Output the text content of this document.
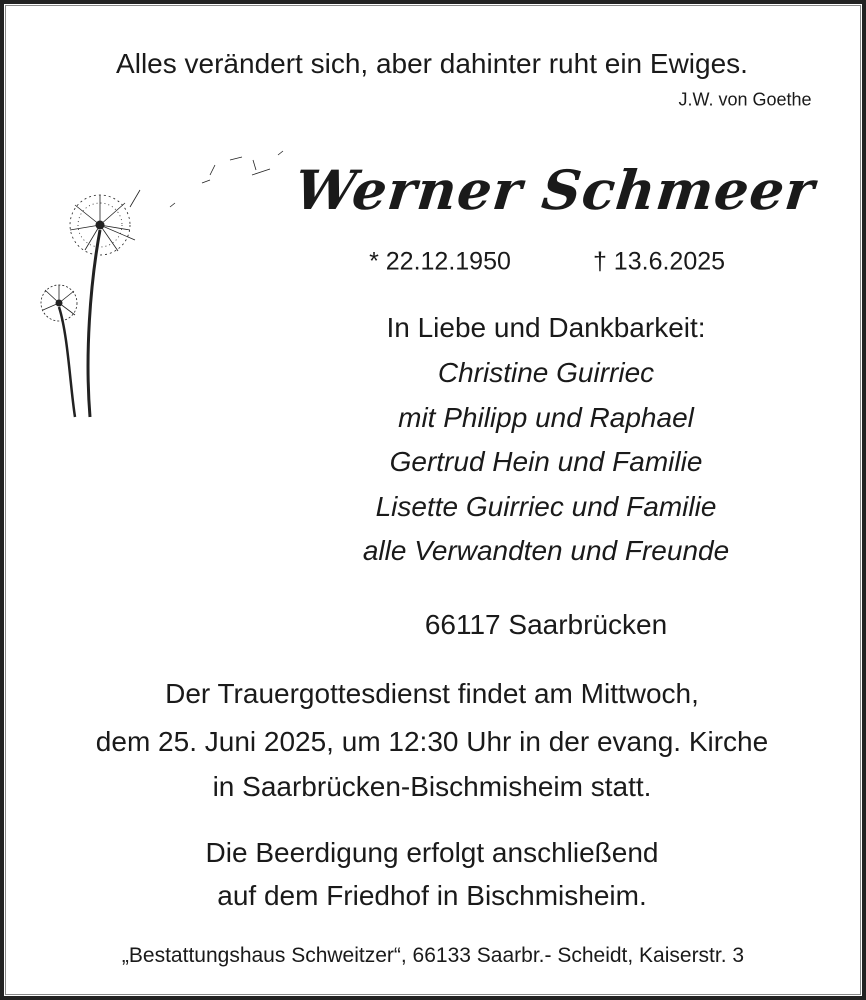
Alles verändert sich, aber dahinter ruht ein Ewiges.
J.W. von Goethe
Werner Schmeer
* 22.12.1950	† 13.6.2025
In Liebe und Dankbarkeit:
Christine Guirriec
mit Philipp und Raphael
Gertrud Hein und Familie
Lisette Guirriec und Familie
alle Verwandten und Freunde
66117 Saarbrücken
Der Trauergottesdienst findet am Mittwoch,
dem 25. Juni 2025, um 12:30 Uhr in der evang. Kirche
in Saarbrücken-Bischmisheim statt.
Die Beerdigung erfolgt anschließend
auf dem Friedhof in Bischmisheim.
„Bestattungshaus Schweitzer“, 66133 Saarbr.- Scheidt, Kaiserstr. 3
